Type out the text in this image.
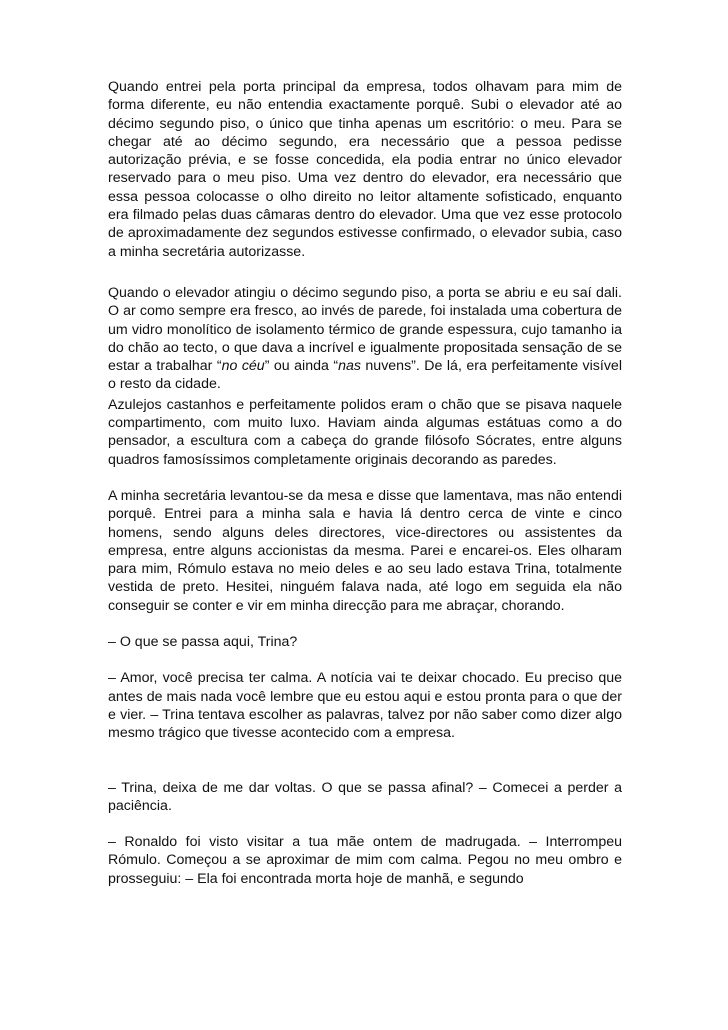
Quando entrei pela porta principal da empresa, todos olhavam para mim de forma diferente, eu não entendia exactamente porquê. Subi o elevador até ao décimo segundo piso, o único que tinha apenas um escritório: o meu. Para se chegar até ao décimo segundo, era necessário que a pessoa pedisse autorização prévia, e se fosse concedida, ela podia entrar no único elevador reservado para o meu piso. Uma vez dentro do elevador, era necessário que essa pessoa colocasse o olho direito no leitor altamente sofisticado, enquanto era filmado pelas duas câmaras dentro do elevador. Uma que vez esse protocolo de aproximadamente dez segundos estivesse confirmado, o elevador subia, caso a minha secretária autorizasse.

Quando o elevador atingiu o décimo segundo piso, a porta se abriu e eu saí dali. O ar como sempre era fresco, ao invés de parede, foi instalada uma cobertura de um vidro monolítico de isolamento térmico de grande espessura, cujo tamanho ia do chão ao tecto, o que dava a incrível e igualmente propositada sensação de se estar a trabalhar “no céu” ou ainda “nas nuvens”. De lá, era perfeitamente visível o resto da cidade.

Azulejos castanhos e perfeitamente polidos eram o chão que se pisava naquele compartimento, com muito luxo. Haviam ainda algumas estátuas como a do pensador, a escultura com a cabeça do grande filósofo Sócrates, entre alguns quadros famosíssimos completamente originais decorando as paredes.

A minha secretária levantou-se da mesa e disse que lamentava, mas não entendi porquê. Entrei para a minha sala e havia lá dentro cerca de vinte e cinco homens, sendo alguns deles directores, vice-directores ou assistentes da empresa, entre alguns accionistas da mesma. Parei e encarei-os. Eles olharam para mim, Rómulo estava no meio deles e ao seu lado estava Trina, totalmente vestida de preto. Hesitei, ninguém falava nada, até logo em seguida ela não conseguir se conter e vir em minha direcção para me abraçar, chorando.

– O que se passa aqui, Trina?

– Amor, você precisa ter calma. A notícia vai te deixar chocado. Eu preciso que antes de mais nada você lembre que eu estou aqui e estou pronta para o que der e vier. – Trina tentava escolher as palavras, talvez por não saber como dizer algo mesmo trágico que tivesse acontecido com a empresa.

– Trina, deixa de me dar voltas. O que se passa afinal? – Comecei a perder a paciência.

– Ronaldo foi visto visitar a tua mãe ontem de madrugada. – Interrompeu Rómulo. Começou a se aproximar de mim com calma. Pegou no meu ombro e prosseguiu: – Ela foi encontrada morta hoje de manhã, e segundo
